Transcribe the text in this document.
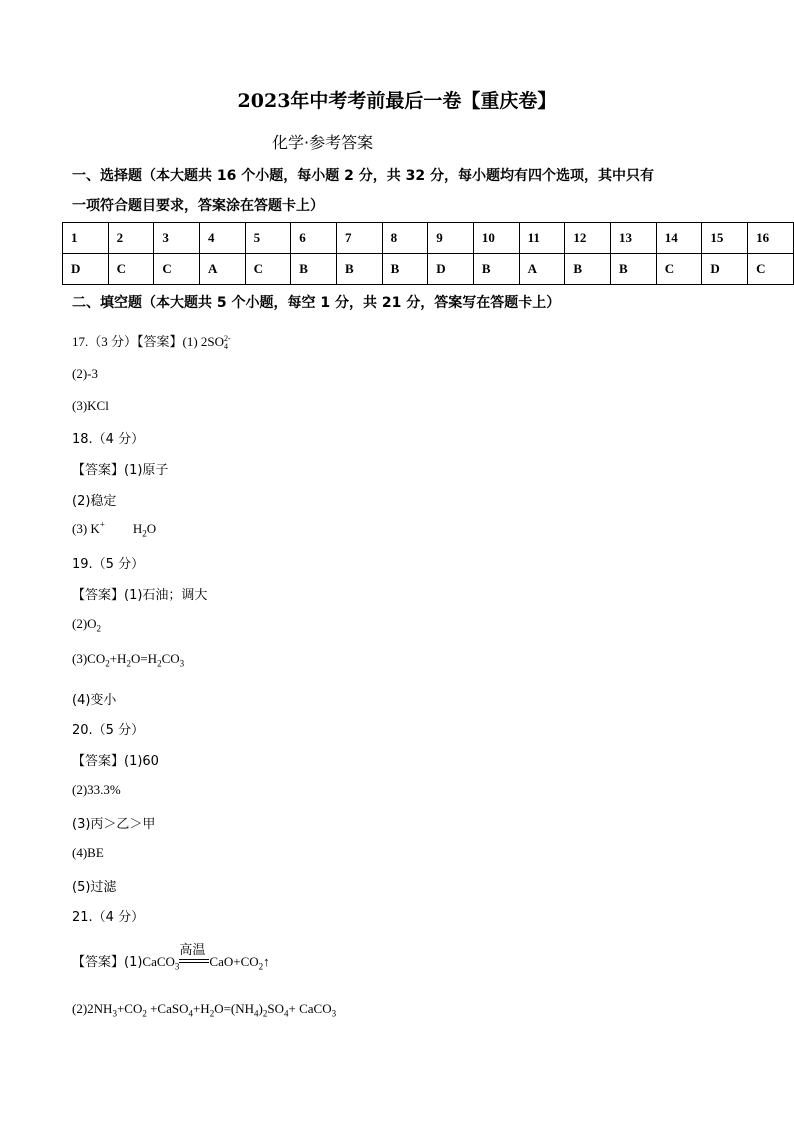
2023年中考考前最后一卷【重庆卷】
化学·参考答案
一、选择题（本大题共 16 个小题，每小题 2 分，共 32 分，每小题均有四个选项，其中只有
一项符合题目要求，答案涂在答题卡上）
1	2	3	4	5	6	7	8	9	10	11	12	13	14	15	16
D	C	C	A	C	B	B	B	D	B	A	B	B	C	D	C
二、填空题（本大题共 5 个小题，每空 1 分，共 21 分，答案写在答题卡上）
17.（3 分）【答案】(1) 2SO 2-
4
(2)-3
(3)KCl
18.（4 分）
【答案】(1)原子
(2)稳定
(3) K+ $H_2O$
19.（5 分）
【答案】(1)石油；调大
$(2)O_2$
$(3)CO_2+H_2O=H_2CO_3$
(4)变小
20.（5 分）
【答案】(1)60
(2)33.3%
(3)丙＞乙＞甲
(4)BE
(5)过滤
21.（4 分）
【答案】(1)CaCO$_3$
高温
$CaO+CO_2↑$
$(2)2NH_3+CO_2$ $+CaSO_4+H_2O=(NH_4)_2SO_4+$ CaCO$_3$
